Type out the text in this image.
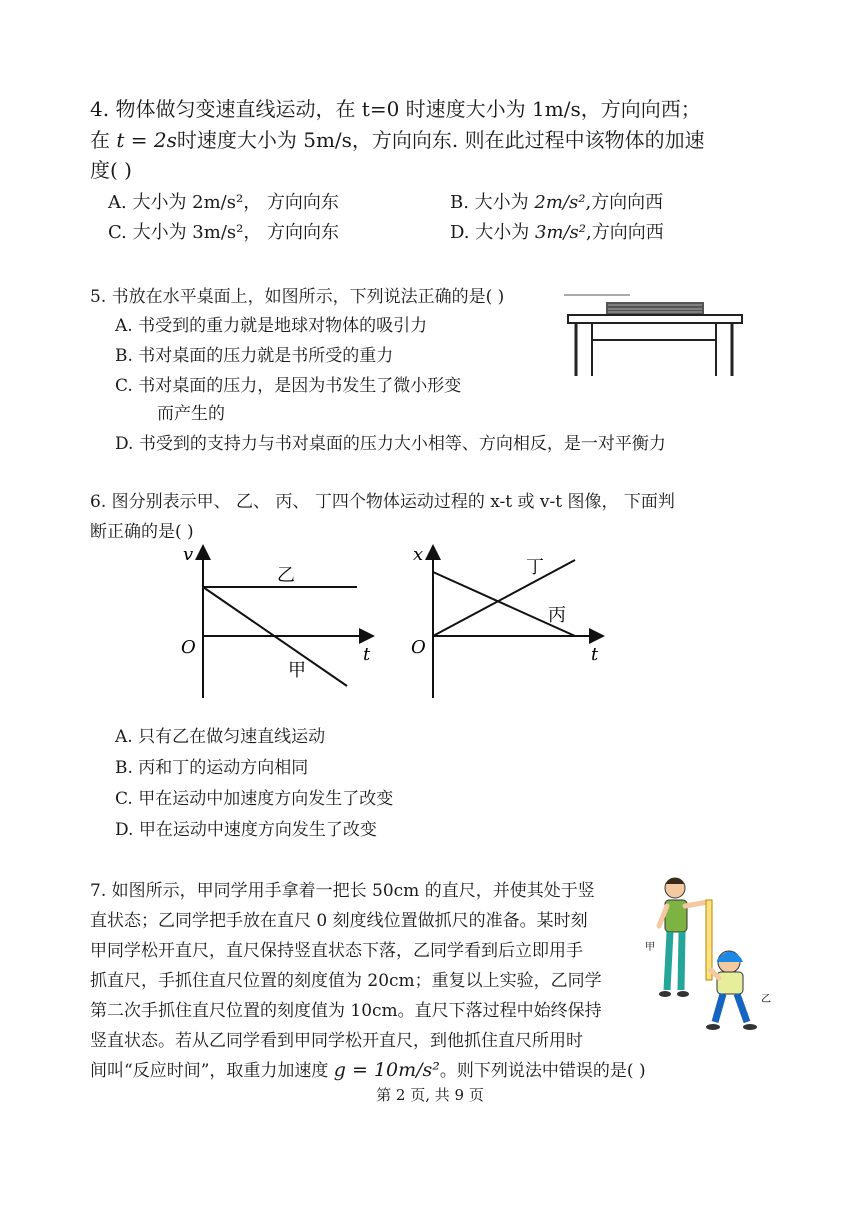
4. 物体做匀变速直线运动，在 t=0 时速度大小为 1m/s，方向向西；
在 t = 2s时速度大小为 5m/s，方向向东. 则在此过程中该物体的加速
度( )
A. 大小为 2m/s²， 方向向东	B. 大小为 2m/s²,方向向西
C. 大小为 3m/s²， 方向向东	D. 大小为 3m/s²,方向向西
5. 书放在水平桌面上，如图所示，下列说法正确的是( )
A. 书受到的重力就是地球对物体的吸引力
B. 书对桌面的压力就是书所受的重力
C. 书对桌面的压力，是因为书发生了微小形变
而产生的
D. 书受到的支持力与书对桌面的压力大小相等、方向相反，是一对平衡力
6. 图分别表示甲、 乙、 丙、 丁四个物体运动过程的 x-t 或 v-t 图像， 下面判
断正确的是( )
v
t
O
乙
甲
x
t
O
丁
丙
A. 只有乙在做匀速直线运动
B. 丙和丁的运动方向相同
C. 甲在运动中加速度方向发生了改变
D. 甲在运动中速度方向发生了改变
7. 如图所示，甲同学用手拿着一把长 50cm 的直尺，并使其处于竖
直状态；乙同学把手放在直尺 0 刻度线位置做抓尺的准备。某时刻
甲同学松开直尺，直尺保持竖直状态下落，乙同学看到后立即用手
抓直尺，手抓住直尺位置的刻度值为 20cm；重复以上实验，乙同学
第二次手抓住直尺位置的刻度值为 10cm。直尺下落过程中始终保持
竖直状态。若从乙同学看到甲同学松开直尺，到他抓住直尺所用时
间叫“反应时间”，取重力加速度 g = 10m/s²。则下列说法中错误的是( )
甲
乙
第 2 页, 共 9 页
